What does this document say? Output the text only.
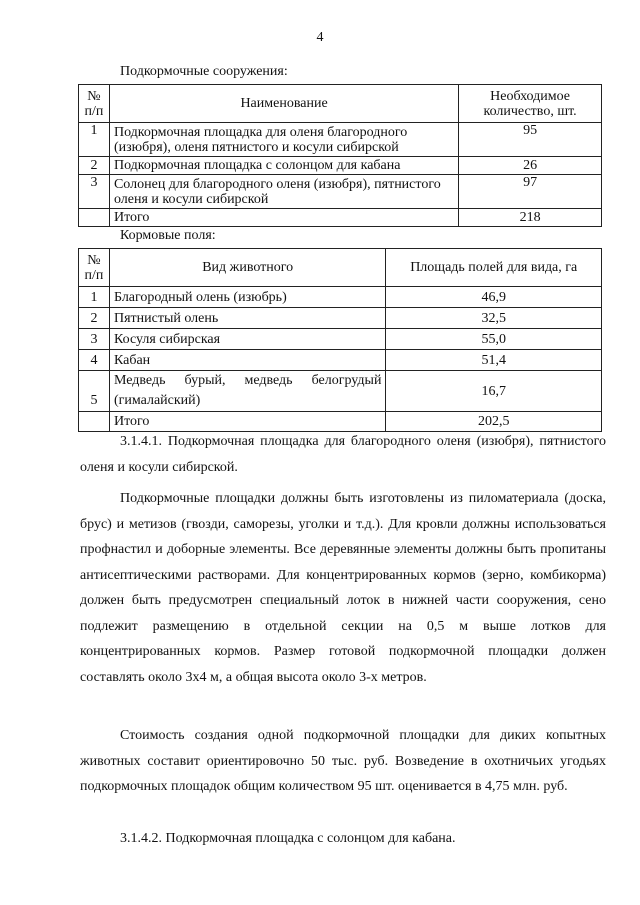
4
Подкормочные сооружения:
№ п/п	Наименование	Необходимое количество, шт.
1	Подкормочная площадка для оленя благородного (изюбря), оленя пятнистого и косули сибирской	95
2	Подкормочная площадка с солонцом для кабана	26
3	Солонец для благородного оленя (изюбря), пятнистого оленя и косули сибирской	97
	Итого	218
Кормовые поля:
№ п/п	Вид животного	Площадь полей для вида, га
1	Благородный олень (изюбрь)	46,9
2	Пятнистый олень	32,5
3	Косуля сибирская	55,0
4	Кабан	51,4
5	Медведь бурый, медведь белогрудый (гималайский)	16,7
	Итого	202,5
3.1.4.1. Подкормочная площадка для благородного оленя (изюбря), пятнистого оленя и косули сибирской.
Подкормочные площадки должны быть изготовлены из пиломатериала (доска, брус) и метизов (гвозди, саморезы, уголки и т.д.). Для кровли должны использоваться профнастил и доборные элементы. Все деревянные элементы должны быть пропитаны антисептическими растворами. Для концентрированных кормов (зерно, комбикорма) должен быть предусмотрен специальный лоток в нижней части сооружения, сено подлежит размещению в отдельной секции на 0,5 м выше лотков для концентрированных кормов. Размер готовой подкормочной площадки должен составлять около 3х4 м, а общая высота около 3-х метров.
Стоимость создания одной подкормочной площадки для диких копытных животных составит ориентировочно 50 тыс. руб. Возведение в охотничьих угодьях подкормочных площадок общим количеством 95 шт. оценивается в 4,75 млн. руб.
3.1.4.2. Подкормочная площадка с солонцом для кабана.
